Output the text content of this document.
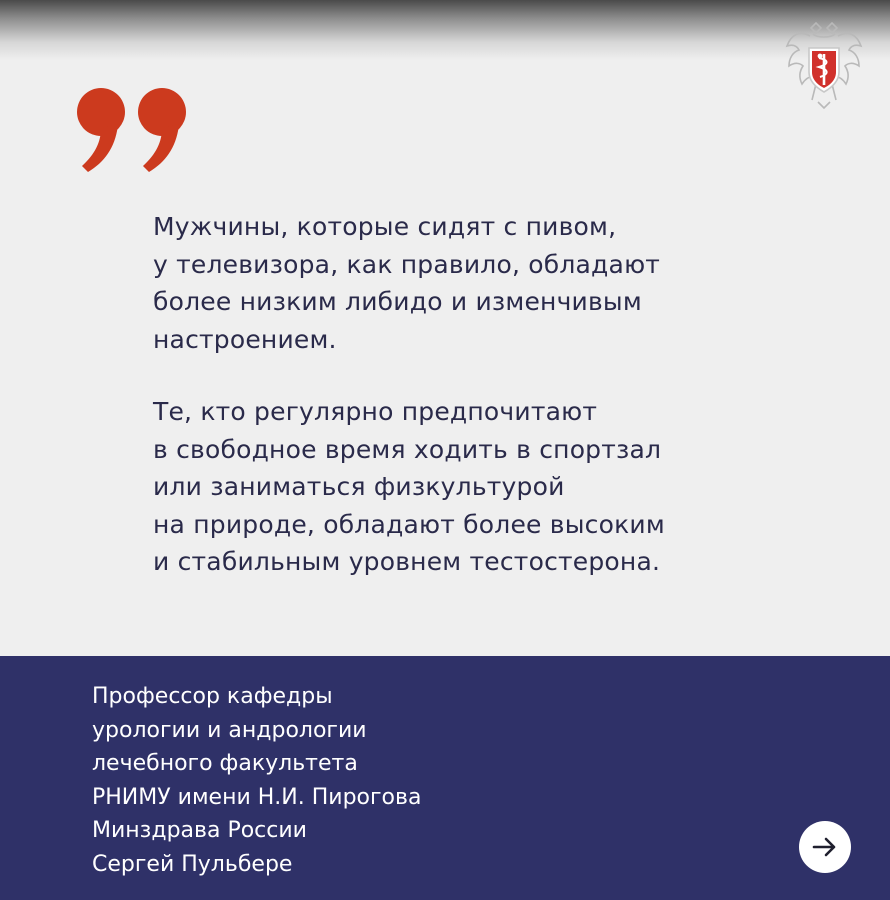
Мужчины, которые сидят с пивом,
у телевизора, как правило, обладают
более низким либидо и изменчивым
настроением.

Те, кто регулярно предпочитают
в свободное время ходить в спортзал
или заниматься физкультурой
на природе, обладают более высоким
и стабильным уровнем тестостерона.

Профессор кафедры
урологии и андрологии
лечебного факультета
РНИМУ имени Н.И. Пирогова
Минздрава России
Сергей Пульбере
